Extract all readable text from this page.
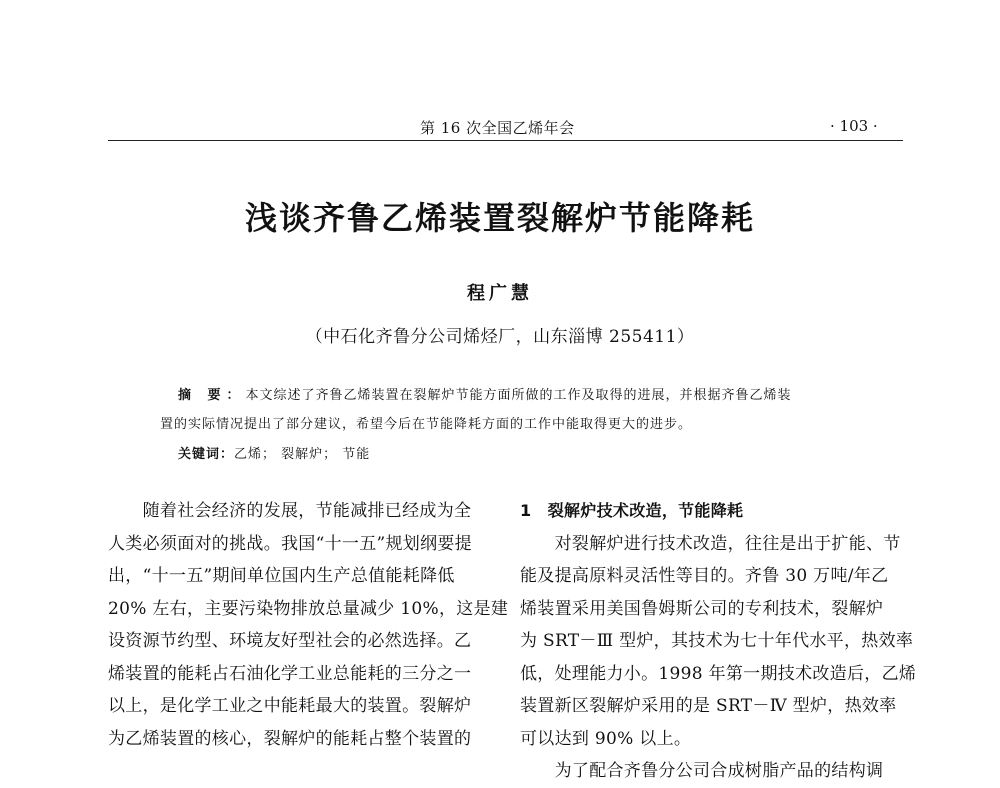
第 16 次全国乙烯年会	· 103 ·
浅谈齐鲁乙烯装置裂解炉节能降耗
程广慧
（中石化齐鲁分公司烯烃厂，山东淄博 255411）
摘 要：本文综述了齐鲁乙烯装置在裂解炉节能方面所做的工作及取得的进展，并根据齐鲁乙烯装
置的实际情况提出了部分建议，希望今后在节能降耗方面的工作中能取得更大的进步。
关键词：乙烯； 裂解炉； 节能
　　随着社会经济的发展，节能减排已经成为全
人类必须面对的挑战。我国“十一五”规划纲要提
出，“十一五”期间单位国内生产总值能耗降低
20% 左右，主要污染物排放总量减少 10%，这是建
设资源节约型、环境友好型社会的必然选择。乙
烯装置的能耗占石油化学工业总能耗的三分之一
以上，是化学工业之中能耗最大的装置。裂解炉
为乙烯装置的核心，裂解炉的能耗占整个装置的
1　裂解炉技术改造，节能降耗
　　对裂解炉进行技术改造，往往是出于扩能、节
能及提高原料灵活性等目的。齐鲁 30 万吨/年乙
烯装置采用美国鲁姆斯公司的专利技术，裂解炉
为 SRT－Ⅲ 型炉，其技术为七十年代水平，热效率
低，处理能力小。1998 年第一期技术改造后，乙烯
装置新区裂解炉采用的是 SRT－Ⅳ 型炉，热效率
可以达到 90% 以上。
　　为了配合齐鲁分公司合成树脂产品的结构调
